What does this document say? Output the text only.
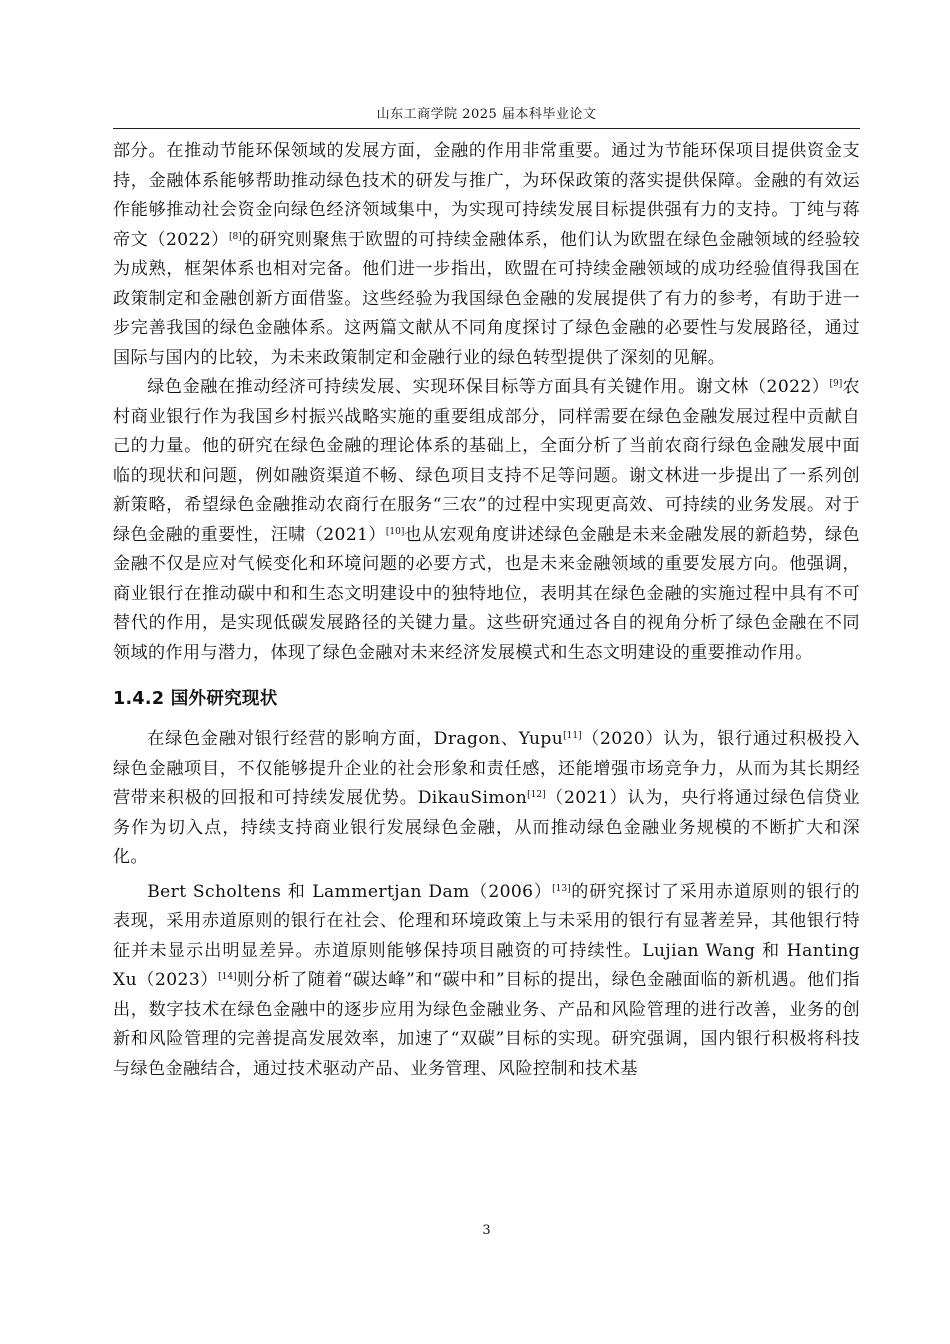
山东工商学院 2025 届本科毕业论文

部分。在推动节能环保领域的发展方面，金融的作用非常重要。通过为节能环保项目提供资金支持，金融体系能够帮助推动绿色技术的研发与推广，为环保政策的落实提供保障。金融的有效运作能够推动社会资金向绿色经济领域集中，为实现可持续发展目标提供强有力的支持。丁纯与蒋帝文（2022）[8]的研究则聚焦于欧盟的可持续金融体系，他们认为欧盟在绿色金融领域的经验较为成熟，框架体系也相对完备。他们进一步指出，欧盟在可持续金融领域的成功经验值得我国在政策制定和金融创新方面借鉴。这些经验为我国绿色金融的发展提供了有力的参考，有助于进一步完善我国的绿色金融体系。这两篇文献从不同角度探讨了绿色金融的必要性与发展路径，通过国际与国内的比较，为未来政策制定和金融行业的绿色转型提供了深刻的见解。

绿色金融在推动经济可持续发展、实现环保目标等方面具有关键作用。谢文林（2022）[9]农村商业银行作为我国乡村振兴战略实施的重要组成部分，同样需要在绿色金融发展过程中贡献自己的力量。他的研究在绿色金融的理论体系的基础上，全面分析了当前农商行绿色金融发展中面临的现状和问题，例如融资渠道不畅、绿色项目支持不足等问题。谢文林进一步提出了一系列创新策略，希望绿色金融推动农商行在服务“三农”的过程中实现更高效、可持续的业务发展。对于绿色金融的重要性，汪啸（2021）[10]也从宏观角度讲述绿色金融是未来金融发展的新趋势，绿色金融不仅是应对气候变化和环境问题的必要方式，也是未来金融领域的重要发展方向。他强调，商业银行在推动碳中和和生态文明建设中的独特地位，表明其在绿色金融的实施过程中具有不可替代的作用，是实现低碳发展路径的关键力量。这些研究通过各自的视角分析了绿色金融在不同领域的作用与潜力，体现了绿色金融对未来经济发展模式和生态文明建设的重要推动作用。

1.4.2 国外研究现状

在绿色金融对银行经营的影响方面，Dragon、Yupu[11]（2020）认为，银行通过积极投入绿色金融项目，不仅能够提升企业的社会形象和责任感，还能增强市场竞争力，从而为其长期经营带来积极的回报和可持续发展优势。DikauSimon[12]（2021）认为，央行将通过绿色信贷业务作为切入点，持续支持商业银行发展绿色金融，从而推动绿色金融业务规模的不断扩大和深化。

Bert Scholtens 和 Lammertjan Dam（2006）[13]的研究探讨了采用赤道原则的银行的表现，采用赤道原则的银行在社会、伦理和环境政策上与未采用的银行有显著差异，其他银行特征并未显示出明显差异。赤道原则能够保持项目融资的可持续性。Lujian Wang 和 Hanting Xu（2023）[14]则分析了随着“碳达峰”和“碳中和”目标的提出，绿色金融面临的新机遇。他们指出，数字技术在绿色金融中的逐步应用为绿色金融业务、产品和风险管理的进行改善，业务的创新和风险管理的完善提高发展效率，加速了“双碳”目标的实现。研究强调，国内银行积极将科技与绿色金融结合，通过技术驱动产品、业务管理、风险控制和技术基

3
